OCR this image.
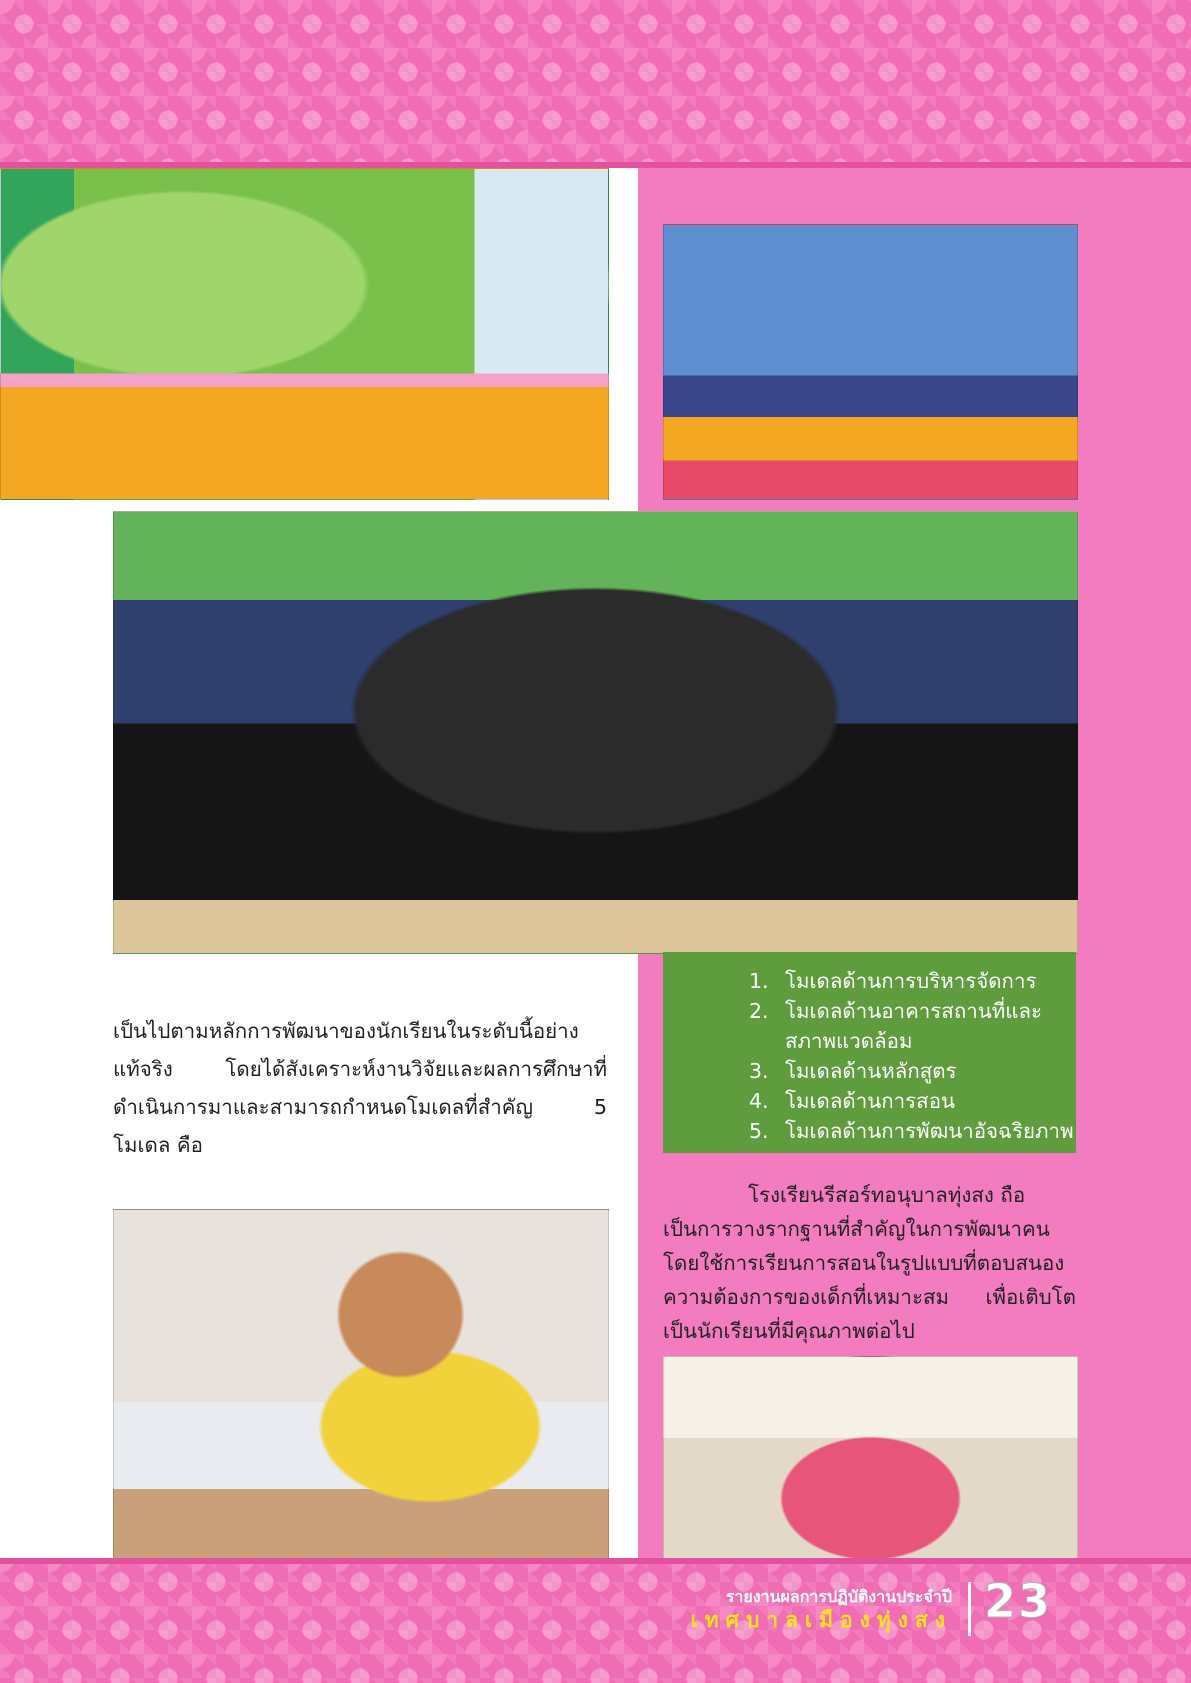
เป็นไปตามหลักการพัฒนาของนักเรียนในระดับนี้อย่างแท้จริง โดยได้สังเคราะห์งานวิจัยและผลการศึกษาที่ดำเนินการมาและสามารถกำหนดโมเดลที่สำคัญ 5 โมเดล คือ

1. โมเดลด้านการบริหารจัดการ
2. โมเดลด้านอาคารสถานที่และสภาพแวดล้อม
3. โมเดลด้านหลักสูตร
4. โมเดลด้านการสอน
5. โมเดลด้านการพัฒนาอัจฉริยภาพ

โรงเรียนรีสอร์ทอนุบาลทุ่งสง ถือ
เป็นการวางรากฐานที่สำคัญในการพัฒนาคนโดยใช้การเรียนการสอนในรูปแบบที่ตอบสนองความต้องการของเด็กที่เหมาะสม เพื่อเติบโตเป็นนักเรียนที่มีคุณภาพต่อไป

รายงานผลการปฏิบัติงานประจำปี
เทศบาลเมืองทุ่งสง 23
